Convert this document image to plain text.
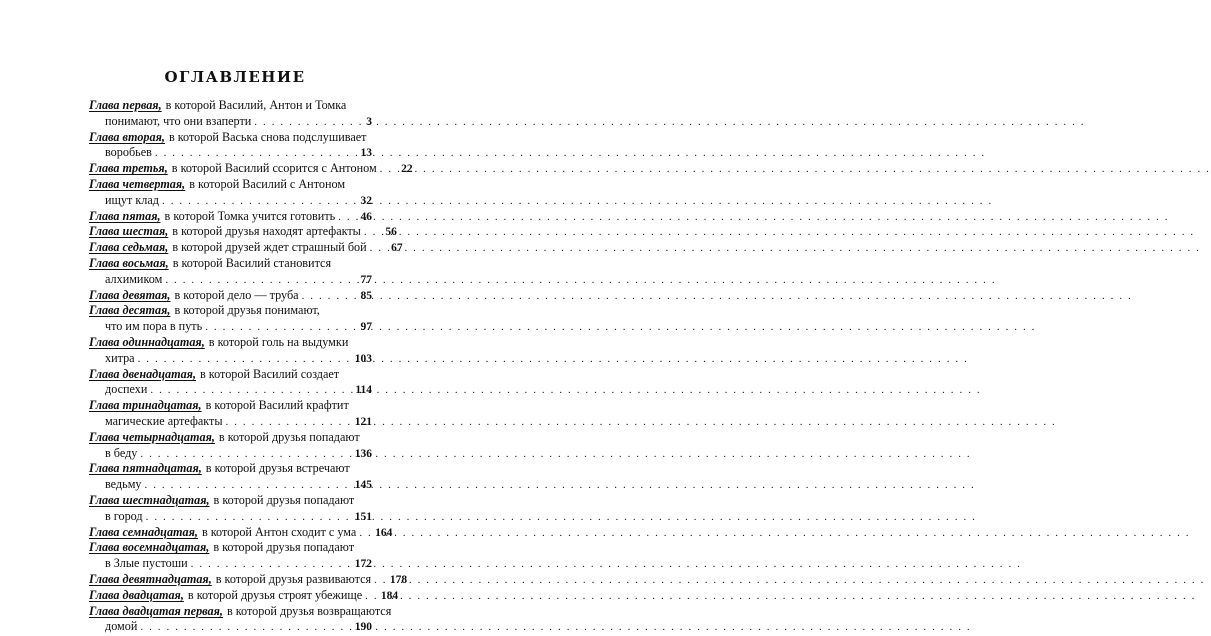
ОГЛАВЛЕНИЕ
Глава первая, в которой Василий, Антон и Томка
понимают, что они взаперти . . .	3
Глава вторая, в которой Васька снова подслушивает
воробьев . . .	13
Глава третья, в которой Василий ссорится с Антоном . . .	22
Глава четвертая, в которой Василий с Антоном
ищут клад . . .	32
Глава пятая, в которой Томка учится готовить . . .	46
Глава шестая, в которой друзья находят артефакты . . .	56
Глава седьмая, в которой друзей ждет страшный бой . . .	67
Глава восьмая, в которой Василий становится
алхимиком . . .	77
Глава девятая, в которой дело — труба . . .	85
Глава десятая, в которой друзья понимают,
что им пора в путь . . .	97
Глава одиннадцатая, в которой голь на выдумки
хитра . . .	103
Глава двенадцатая, в которой Василий создает
доспехи . . .	114
Глава тринадцатая, в которой Василий крафтит
магические артефакты . . .	121
Глава четырнадцатая, в которой друзья попадают
в беду . . .	136
Глава пятнадцатая, в которой друзья встречают
ведьму . . .	145
Глава шестнадцатая, в которой друзья попадают
в город . . .	151
Глава семнадцатая, в которой Антон сходит с ума . . .	164
Глава восемнадцатая, в которой друзья попадают
в Злые пустоши . . .	172
Глава девятнадцатая, в которой друзья развиваются . . .	178
Глава двадцатая, в которой друзья строят убежище . . .	184
Глава двадцатая первая, в которой друзья возвращаются
домой . . .	190
